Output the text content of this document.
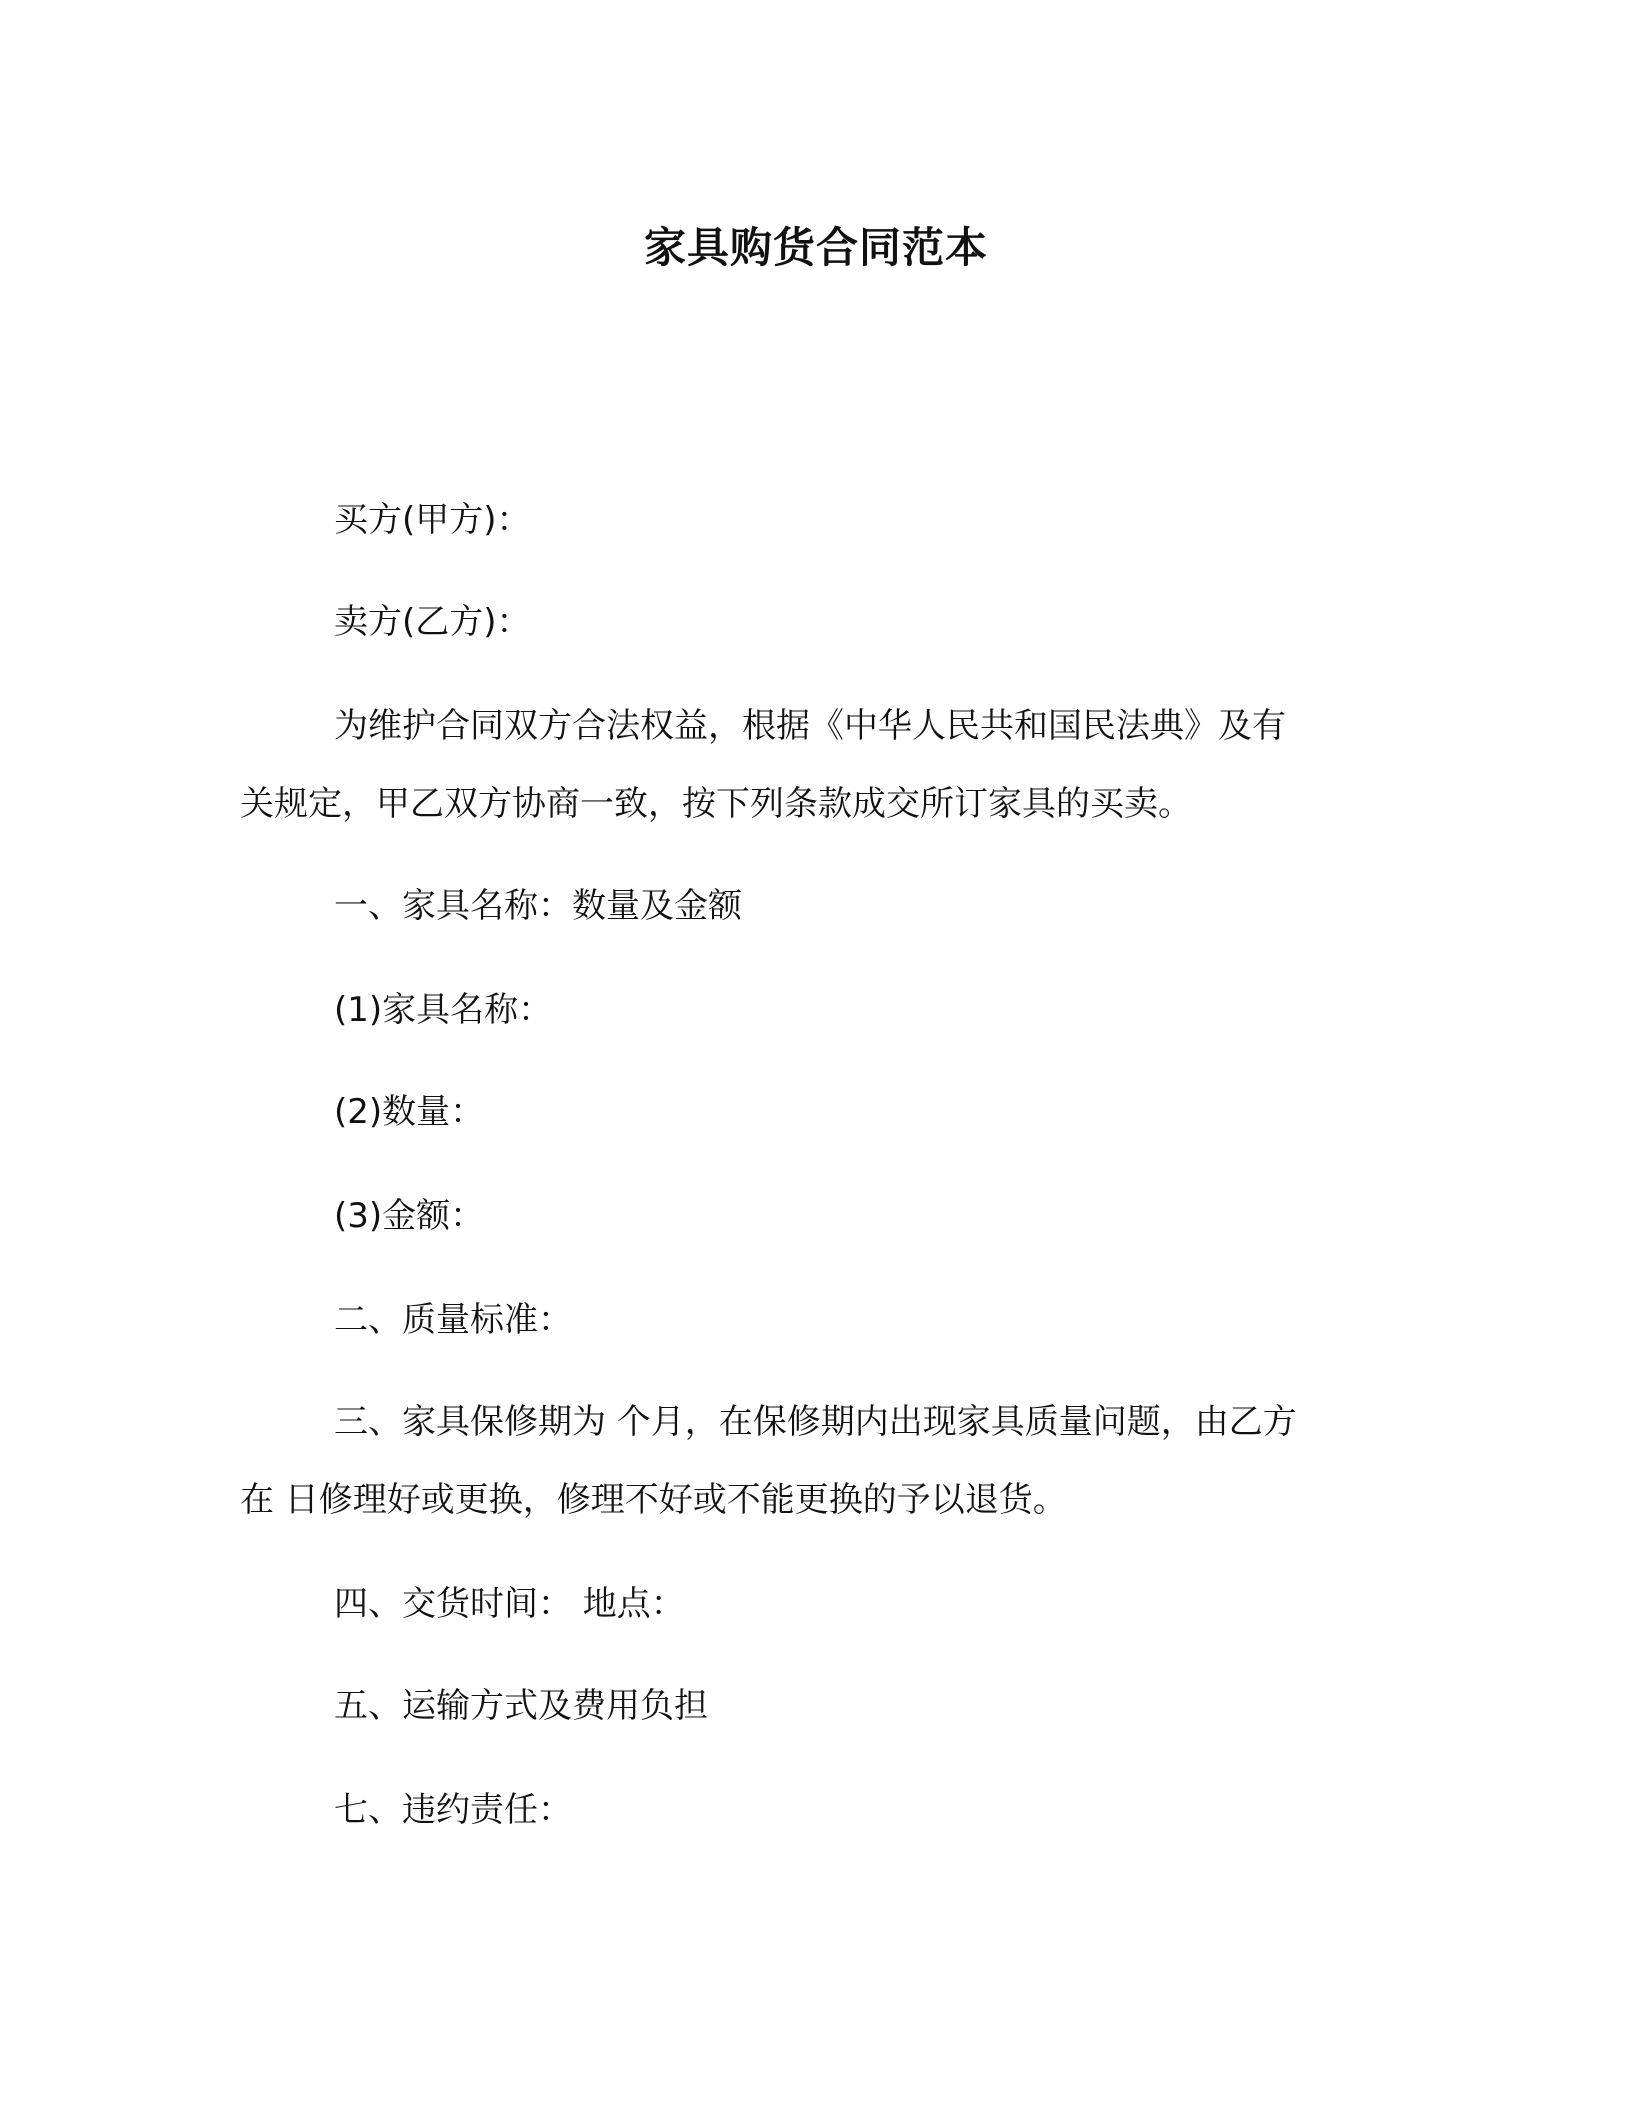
家具购货合同范本
买方(甲方)：
卖方(乙方)：
为维护合同双方合法权益，根据《中华人民共和国民法典》及有
关规定，甲乙双方协商一致，按下列条款成交所订家具的买卖。
一、家具名称：数量及金额
(1)家具名称：
(2)数量：
(3)金额：
二、质量标准：
三、家具保修期为 个月，在保修期内出现家具质量问题，由乙方
在 日修理好或更换，修理不好或不能更换的予以退货。
四、交货时间： 地点：
五、运输方式及费用负担
七、违约责任：
